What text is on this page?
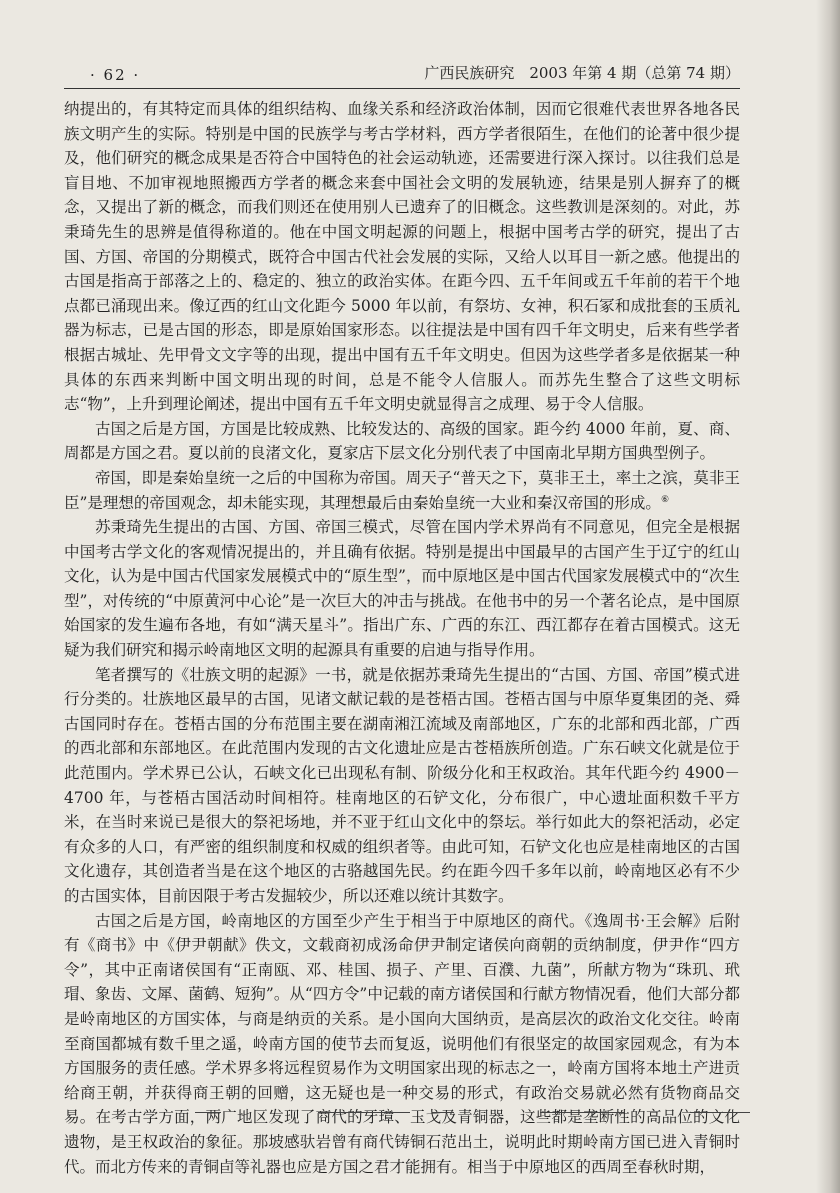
· 62 ·	广西民族研究　2003 年第 4 期（总第 74 期）

纳提出的，有其特定而具体的组织结构、血缘关系和经济政治体制，因而它很难代表世界各地各民族文明产生的实际。特别是中国的民族学与考古学材料，西方学者很陌生，在他们的论著中很少提及，他们研究的概念成果是否符合中国特色的社会运动轨迹，还需要进行深入探讨。以往我们总是盲目地、不加审视地照搬西方学者的概念来套中国社会文明的发展轨迹，结果是别人摒弃了的概念，又提出了新的概念，而我们则还在使用别人已遗弃了的旧概念。这些教训是深刻的。对此，苏秉琦先生的思辨是值得称道的。他在中国文明起源的问题上，根据中国考古学的研究，提出了古国、方国、帝国的分期模式，既符合中国古代社会发展的实际，又给人以耳目一新之感。他提出的古国是指高于部落之上的、稳定的、独立的政治实体。在距今四、五千年间或五千年前的若干个地点都已涌现出来。像辽西的红山文化距今 5000 年以前，有祭坊、女神，积石冢和成批套的玉质礼器为标志，已是古国的形态，即是原始国家形态。以往提法是中国有四千年文明史，后来有些学者根据古城址、先甲骨文文字等的出现，提出中国有五千年文明史。但因为这些学者多是依据某一种具体的东西来判断中国文明出现的时间，总是不能令人信服人。而苏先生整合了这些文明标志“物”，上升到理论阐述，提出中国有五千年文明史就显得言之成理、易于令人信服。

古国之后是方国，方国是比较成熟、比较发达的、高级的国家。距今约 4000 年前，夏、商、周都是方国之君。夏以前的良渚文化，夏家店下层文化分别代表了中国南北早期方国典型例子。

帝国，即是秦始皇统一之后的中国称为帝国。周天子“普天之下，莫非王土，率土之滨，莫非王臣”是理想的帝国观念，却未能实现，其理想最后由秦始皇统一大业和秦汉帝国的形成。⑥

苏秉琦先生提出的古国、方国、帝国三模式，尽管在国内学术界尚有不同意见，但完全是根据中国考古学文化的客观情况提出的，并且确有依据。特别是提出中国最早的古国产生于辽宁的红山文化，认为是中国古代国家发展模式中的“原生型”，而中原地区是中国古代国家发展模式中的“次生型”，对传统的“中原黄河中心论”是一次巨大的冲击与挑战。在他书中的另一个著名论点，是中国原始国家的发生遍布各地，有如“满天星斗”。指出广东、广西的东江、西江都存在着古国模式。这无疑为我们研究和揭示岭南地区文明的起源具有重要的启迪与指导作用。

笔者撰写的《壮族文明的起源》一书，就是依据苏秉琦先生提出的“古国、方国、帝国”模式进行分类的。壮族地区最早的古国，见诸文献记载的是苍梧古国。苍梧古国与中原华夏集团的尧、舜古国同时存在。苍梧古国的分布范围主要在湖南湘江流域及南部地区，广东的北部和西北部，广西的西北部和东部地区。在此范围内发现的古文化遗址应是古苍梧族所创造。广东石峡文化就是位于此范围内。学术界已公认，石峡文化已出现私有制、阶级分化和王权政治。其年代距今约 4900－4700 年，与苍梧古国活动时间相符。桂南地区的石铲文化，分布很广，中心遗址面积数千平方米，在当时来说已是很大的祭祀场地，并不亚于红山文化中的祭坛。举行如此大的祭祀活动，必定有众多的人口，有严密的组织制度和权威的组织者等。由此可知，石铲文化也应是桂南地区的古国文化遗存，其创造者当是在这个地区的古骆越国先民。约在距今四千多年以前，岭南地区必有不少的古国实体，目前因限于考古发掘较少，所以还难以统计其数字。

古国之后是方国，岭南地区的方国至少产生于相当于中原地区的商代。《逸周书·王会解》后附有《商书》中《伊尹朝献》佚文，文载商初成汤命伊尹制定诸侯向商朝的贡纳制度，伊尹作“四方令”，其中正南诸侯国有“正南瓯、邓、桂国、损子、产里、百濮、九菌”，所献方物为“珠玑、玳瑁、象齿、文犀、菌鹤、短狗”。从“四方令”中记载的南方诸侯国和行献方物情况看，他们大部分都是岭南地区的方国实体，与商是纳贡的关系。是小国向大国纳贡，是高层次的政治文化交往。岭南至商国都城有数千里之遥，岭南方国的使节去而复返，说明他们有很坚定的故国家园观念，有为本方国服务的责任感。学术界多将远程贸易作为文明国家出现的标志之一，岭南方国将本地土产进贡给商王朝，并获得商王朝的回赠，这无疑也是一种交易的形式，有政治交易就必然有货物商品交易。在考古学方面，两广地区发现了商代的牙璋、玉戈及青铜器，这些都是垄断性的高品位的文化遗物，是王权政治的象征。那坡感驮岩曾有商代铸铜石范出土，说明此时期岭南方国已进入青铜时代。而北方传来的青铜卣等礼器也应是方国之君才能拥有。相当于中原地区的西周至春秋时期，
